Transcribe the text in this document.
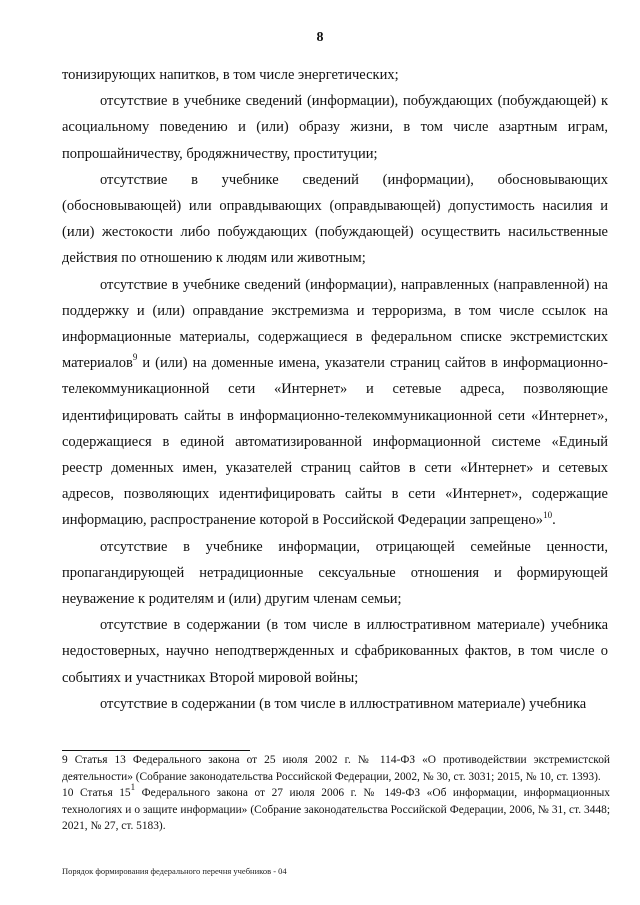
8

тонизирующих напитков, в том числе энергетических;

отсутствие в учебнике сведений (информации), побуждающих (побуждающей) к асоциальному поведению и (или) образу жизни, в том числе азартным играм, попрошайничеству, бродяжничеству, проституции;

отсутствие в учебнике сведений (информации), обосновывающих (обосновывающей) или оправдывающих (оправдывающей) допустимость насилия и (или) жестокости либо побуждающих (побуждающей) осуществить насильственные действия по отношению к людям или животным;

отсутствие в учебнике сведений (информации), направленных (направленной) на поддержку и (или) оправдание экстремизма и терроризма, в том числе ссылок на информационные материалы, содержащиеся в федеральном списке экстремистских материалов$^9$ и (или) на доменные имена, указатели страниц сайтов в информационно-телекоммуникационной сети «Интернет» и сетевые адреса, позволяющие идентифицировать сайты в информационно-телекоммуникационной сети «Интернет», содержащиеся в единой автоматизированной информационной системе «Единый реестр доменных имен, указателей страниц сайтов в сети «Интернет» и сетевых адресов, позволяющих идентифицировать сайты в сети «Интернет», содержащие информацию, распространение которой в Российской Федерации запрещено»$^{10}$.

отсутствие в учебнике информации, отрицающей семейные ценности, пропагандирующей нетрадиционные сексуальные отношения и формирующей неуважение к родителям и (или) другим членам семьи;

отсутствие в содержании (в том числе в иллюстративном материале) учебника недостоверных, научно неподтвержденных и сфабрикованных фактов, в том числе о событиях и участниках Второй мировой войны;

отсутствие в содержании (в том числе в иллюстративном материале) учебника

9 Статья 13 Федерального закона от 25 июля 2002 г. № 114-ФЗ «О противодействии экстремистской деятельности» (Собрание законодательства Российской Федерации, 2002, № 30, ст. 3031; 2015, № 10, ст. 1393).

10 Статья $15^1$ Федерального закона от 27 июля 2006 г. № 149-ФЗ «Об информации, информационных технологиях и о защите информации» (Собрание законодательства Российской Федерации, 2006, № 31, ст. 3448; 2021, № 27, ст. 5183).

Порядок формирования федерального перечня учебников - 04
